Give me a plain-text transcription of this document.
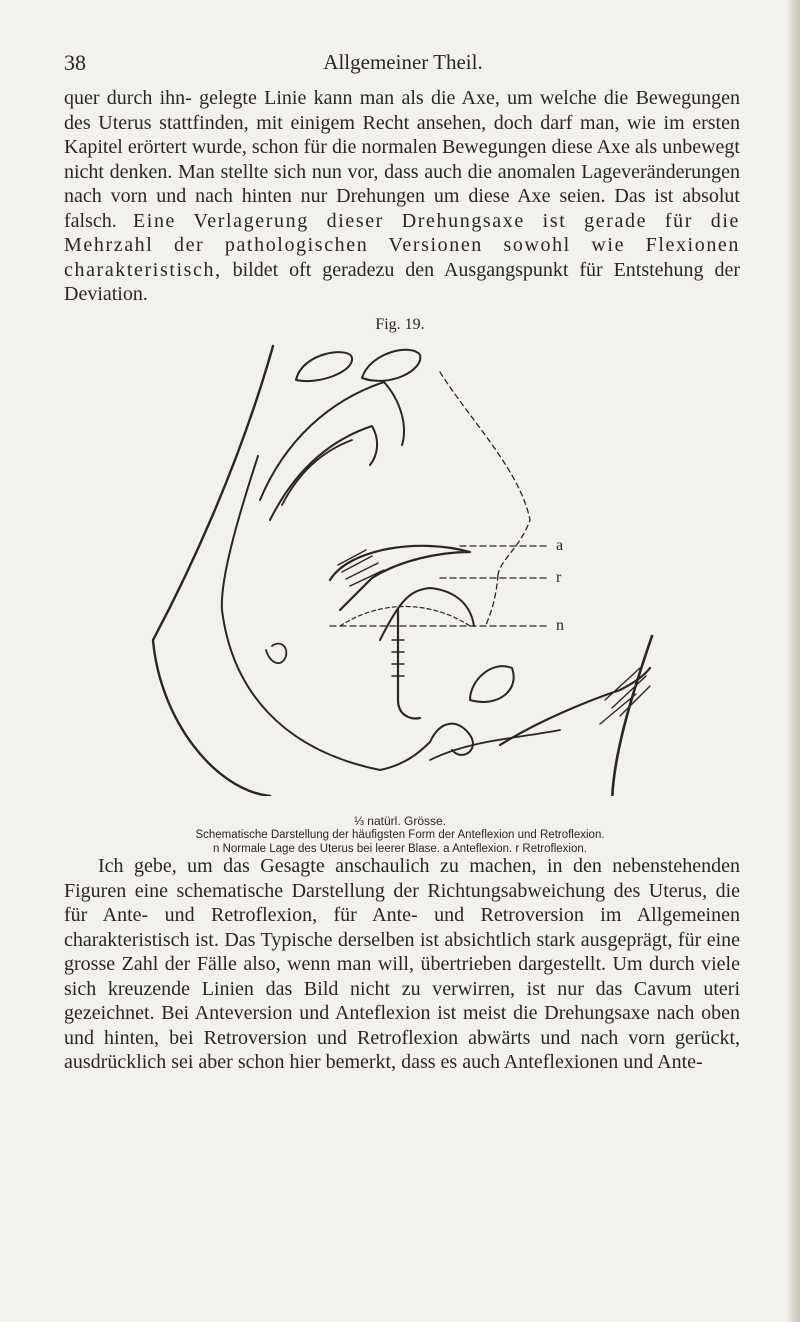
38	Allgemeiner Theil.

quer durch ihn- gelegte Linie kann man als die Axe, um welche die Bewegungen des Uterus stattfinden, mit einigem Recht ansehen, doch darf man, wie im ersten Kapitel erörtert wurde, schon für die normalen Bewegungen diese Axe als unbewegt nicht denken. Man stellte sich nun vor, dass auch die anomalen Lageveränderungen nach vorn und nach hinten nur Drehungen um diese Axe seien. Das ist absolut falsch. Eine Verlagerung dieser Drehungsaxe ist gerade für die Mehrzahl der pathologischen Versionen sowohl wie Flexionen charakteristisch, bildet oft geradezu den Ausgangspunkt für Entstehung der Deviation.

Fig. 19.
a
r
n
⅓ natürl. Grösse.
Schematische Darstellung der häufigsten Form der Anteflexion und Retroflexion.
n Normale Lage des Uterus bei leerer Blase. a Anteflexion. r Retroflexion.

Ich gebe, um das Gesagte anschaulich zu machen, in den nebenstehenden Figuren eine schematische Darstellung der Richtungsabweichung des Uterus, die für Ante- und Retroflexion, für Ante- und Retroversion im Allgemeinen charakteristisch ist. Das Typische derselben ist absichtlich stark ausgeprägt, für eine grosse Zahl der Fälle also, wenn man will, übertrieben dargestellt. Um durch viele sich kreuzende Linien das Bild nicht zu verwirren, ist nur das Cavum uteri gezeichnet. Bei Anteversion und Anteflexion ist meist die Drehungsaxe nach oben und hinten, bei Retroversion und Retroflexion abwärts und nach vorn gerückt, ausdrücklich sei aber schon hier bemerkt, dass es auch Anteflexionen und Ante-
